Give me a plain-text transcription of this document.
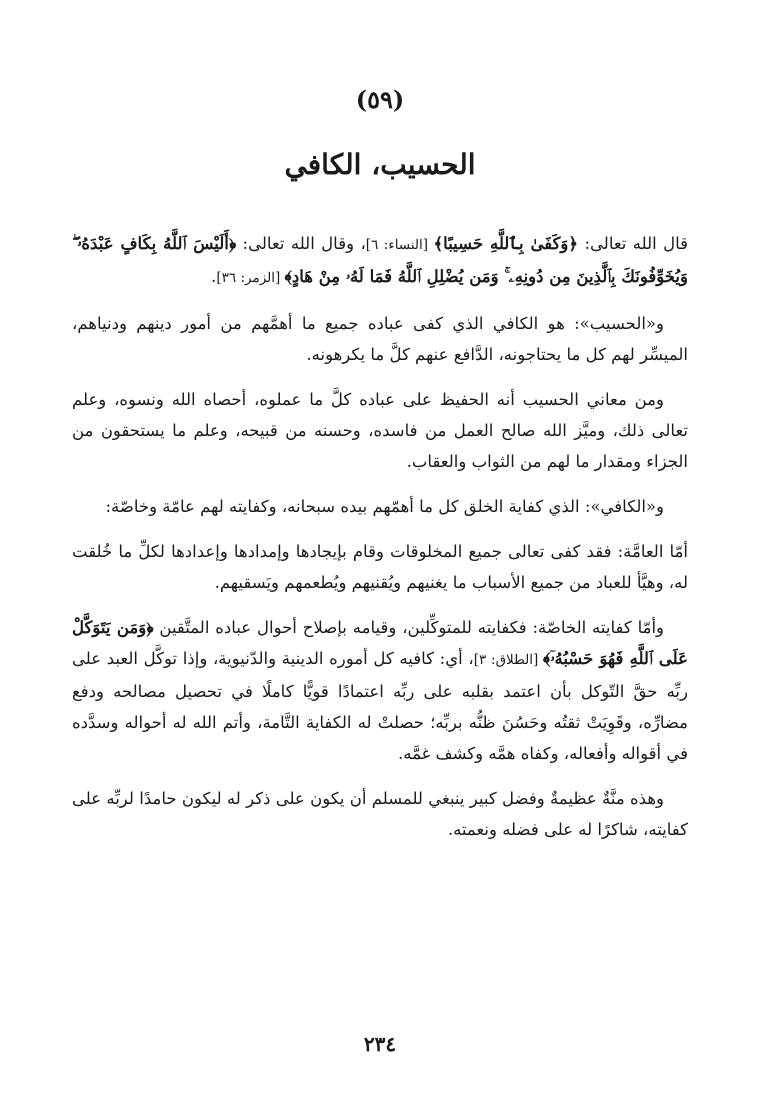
(٥٩)
الحسيب، الكافي

قال الله تعالى: ﴿وَكَفَىٰ بِٱللَّهِ حَسِيبًا﴾ [النساء: ٦]، وقال الله تعالى: ﴿أَلَيْسَ ٱللَّهُ بِكَافٍ عَبْدَهُۥ ۖ وَيُخَوِّفُونَكَ بِٱلَّذِينَ مِن دُونِهِۦ ۚ وَمَن يُضْلِلِ ٱللَّهُ فَمَا لَهُۥ مِنْ هَادٍ﴾ [الزمر: ٣٦].

و«الحسيب»: هو الكافي الذي كفى عباده جميع ما أهمَّهم من أمور دينهم ودنياهم، الميسِّر لهم كل ما يحتاجونه، الدَّافع عنهم كلَّ ما يكرهونه.

ومن معاني الحسيب أنه الحفيظ على عباده كلَّ ما عملوه، أحصاه الله ونسوه، وعلم تعالى ذلك، وميَّز الله صالح العمل من فاسده، وحسنه من قبيحه، وعلم ما يستحقون من الجزاء ومقدار ما لهم من الثواب والعقاب.

و«الكافي»: الذي كفاية الخلق كل ما أهمّهم بيده سبحانه، وكفايته لهم عامّة وخاصّة:

أمّا العامَّة: فقد كفى تعالى جميع المخلوقات وقام بإيجادها وإمدادها وإعدادها لكلِّ ما خُلقت له، وهيَّأ للعباد من جميع الأسباب ما يغنيهم ويُقنيهم ويُطعمهم ويَسقيهم.

وأمّا كفايته الخاصّة: فكفايته للمتوكِّلين، وقيامه بإصلاح أحوال عباده المتَّقين ﴿وَمَن يَتَوَكَّلْ عَلَى ٱللَّهِ فَهُوَ حَسْبُهُۥٓ﴾ [الطلاق: ٣]، أي: كافيه كل أموره الدينية والدّنيوية، وإذا توكَّل العبد على ربِّه حقَّ التّوكل بأن اعتمد بقلبه على ربِّه اعتمادًا قويًّا كاملًا في تحصيل مصالحه ودفع مضارِّه، وقَوِيَتْ ثقتُه وحَسُنَ ظنُّه بربِّه؛ حصلتْ له الكفاية التَّامة، وأتم الله له أحواله وسدَّده في أقواله وأفعاله، وكفاه همَّه وكشف غمَّه.

وهذه منَّةٌ عظيمةٌ وفضل كبير ينبغي للمسلم أن يكون على ذكر له ليكون حامدًا لربِّه على كفايته، شاكرًا له على فضله ونعمته.

٢٣٤
